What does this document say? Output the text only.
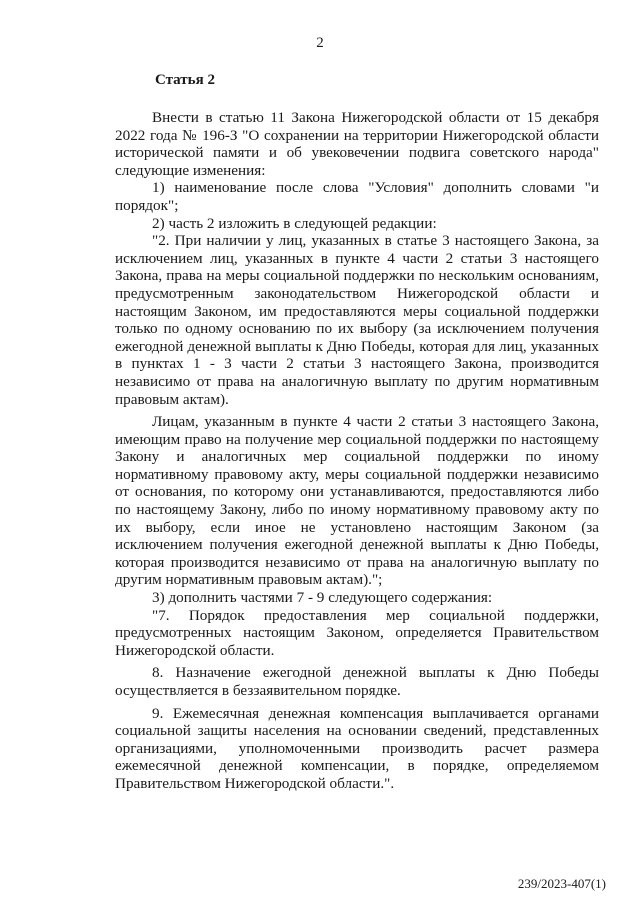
2
Статья 2

Внести в статью 11 Закона Нижегородской области от 15 декабря 2022 года № 196-З "О сохранении на территории Нижегородской области исторической памяти и об увековечении подвига советского народа" следующие изменения:

1) наименование после слова "Условия" дополнить словами "и порядок";

2) часть 2 изложить в следующей редакции:

"2. При наличии у лиц, указанных в статье 3 настоящего Закона, за исключением лиц, указанных в пункте 4 части 2 статьи 3 настоящего Закона, права на меры социальной поддержки по нескольким основаниям, предусмотренным законодательством Нижегородской области и настоящим Законом, им предоставляются меры социальной поддержки только по одному основанию по их выбору (за исключением получения ежегодной денежной выплаты к Дню Победы, которая для лиц, указанных в пунктах 1 - 3 части 2 статьи 3 настоящего Закона, производится независимо от права на аналогичную выплату по другим нормативным правовым актам).

Лицам, указанным в пункте 4 части 2 статьи 3 настоящего Закона, имеющим право на получение мер социальной поддержки по настоящему Закону и аналогичных мер социальной поддержки по иному нормативному правовому акту, меры социальной поддержки независимо от основания, по которому они устанавливаются, предоставляются либо по настоящему Закону, либо по иному нормативному правовому акту по их выбору, если иное не установлено настоящим Законом (за исключением получения ежегодной денежной выплаты к Дню Победы, которая производится независимо от права на аналогичную выплату по другим нормативным правовым актам).";

3) дополнить частями 7 - 9 следующего содержания:

"7. Порядок предоставления мер социальной поддержки, предусмотренных настоящим Законом, определяется Правительством Нижегородской области.

8. Назначение ежегодной денежной выплаты к Дню Победы осуществляется в беззаявительном порядке.

9. Ежемесячная денежная компенсация выплачивается органами социальной защиты населения на основании сведений, представленных организациями, уполномоченными производить расчет размера ежемесячной денежной компенсации, в порядке, определяемом Правительством Нижегородской области.".

239/2023-407(1)
